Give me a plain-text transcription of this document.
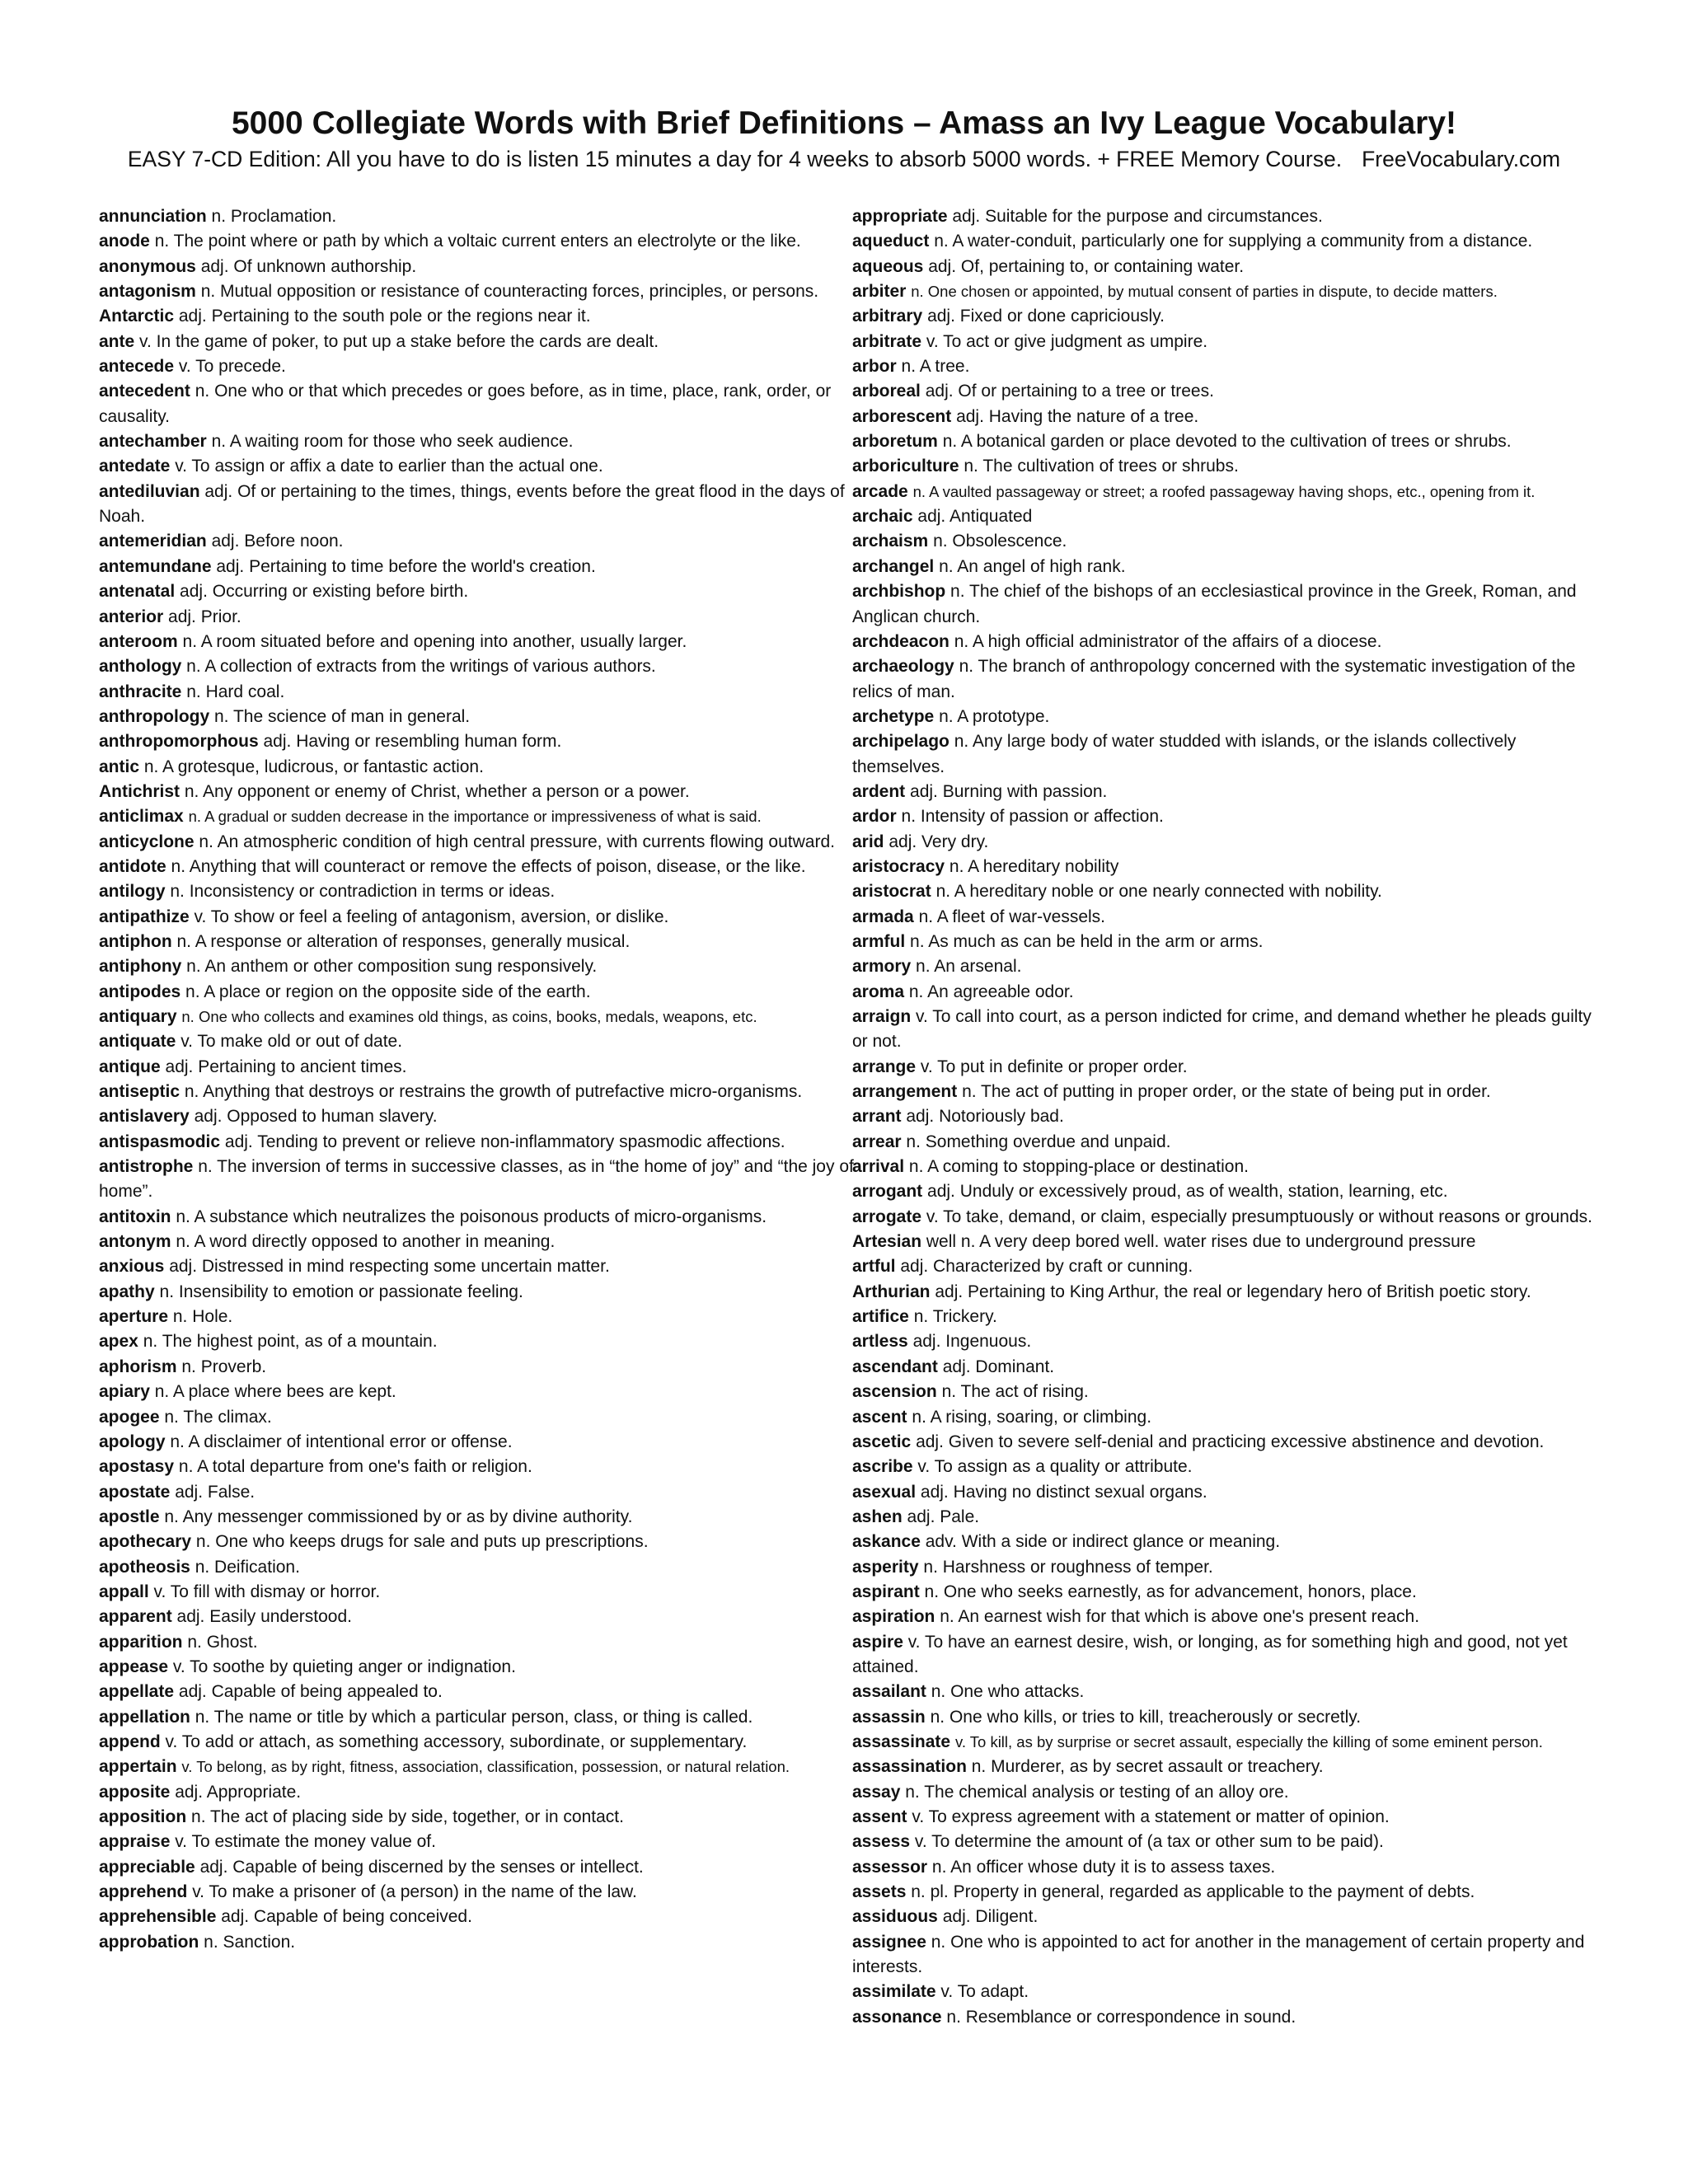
5000 Collegiate Words with Brief Definitions – Amass an Ivy League Vocabulary!
EASY 7-CD Edition: All you have to do is listen 15 minutes a day for 4 weeks to absorb 5000 words. + FREE Memory Course. FreeVocabulary.com
annunciation n. Proclamation.
anode n. The point where or path by which a voltaic current enters an electrolyte or the like.
anonymous adj. Of unknown authorship.
antagonism n. Mutual opposition or resistance of counteracting forces, principles, or persons.
Antarctic adj. Pertaining to the south pole or the regions near it.
ante v. In the game of poker, to put up a stake before the cards are dealt.
antecede v. To precede.
antecedent n. One who or that which precedes or goes before, as in time, place, rank, order, or causality.
antechamber n. A waiting room for those who seek audience.
antedate v. To assign or affix a date to earlier than the actual one.
antediluvian adj. Of or pertaining to the times, things, events before the great flood in the days of Noah.
antemeridian adj. Before noon.
antemundane adj. Pertaining to time before the world's creation.
antenatal adj. Occurring or existing before birth.
anterior adj. Prior.
anteroom n. A room situated before and opening into another, usually larger.
anthology n. A collection of extracts from the writings of various authors.
anthracite n. Hard coal.
anthropology n. The science of man in general.
anthropomorphous adj. Having or resembling human form.
antic n. A grotesque, ludicrous, or fantastic action.
Antichrist n. Any opponent or enemy of Christ, whether a person or a power.
anticlimax n. A gradual or sudden decrease in the importance or impressiveness of what is said.
anticyclone n. An atmospheric condition of high central pressure, with currents flowing outward.
antidote n. Anything that will counteract or remove the effects of poison, disease, or the like.
antilogy n. Inconsistency or contradiction in terms or ideas.
antipathize v. To show or feel a feeling of antagonism, aversion, or dislike.
antiphon n. A response or alteration of responses, generally musical.
antiphony n. An anthem or other composition sung responsively.
antipodes n. A place or region on the opposite side of the earth.
antiquary n. One who collects and examines old things, as coins, books, medals, weapons, etc.
antiquate v. To make old or out of date.
antique adj. Pertaining to ancient times.
antiseptic n. Anything that destroys or restrains the growth of putrefactive micro-organisms.
antislavery adj. Opposed to human slavery.
antispasmodic adj. Tending to prevent or relieve non-inflammatory spasmodic affections.
antistrophe n. The inversion of terms in successive classes, as in “the home of joy” and “the joy of home”.
antitoxin n. A substance which neutralizes the poisonous products of micro-organisms.
antonym n. A word directly opposed to another in meaning.
anxious adj. Distressed in mind respecting some uncertain matter.
apathy n. Insensibility to emotion or passionate feeling.
aperture n. Hole.
apex n. The highest point, as of a mountain.
aphorism n. Proverb.
apiary n. A place where bees are kept.
apogee n. The climax.
apology n. A disclaimer of intentional error or offense.
apostasy n. A total departure from one's faith or religion.
apostate adj. False.
apostle n. Any messenger commissioned by or as by divine authority.
apothecary n. One who keeps drugs for sale and puts up prescriptions.
apotheosis n. Deification.
appall v. To fill with dismay or horror.
apparent adj. Easily understood.
apparition n. Ghost.
appease v. To soothe by quieting anger or indignation.
appellate adj. Capable of being appealed to.
appellation n. The name or title by which a particular person, class, or thing is called.
append v. To add or attach, as something accessory, subordinate, or supplementary.
appertain v. To belong, as by right, fitness, association, classification, possession, or natural relation.
apposite adj. Appropriate.
apposition n. The act of placing side by side, together, or in contact.
appraise v. To estimate the money value of.
appreciable adj. Capable of being discerned by the senses or intellect.
apprehend v. To make a prisoner of (a person) in the name of the law.
apprehensible adj. Capable of being conceived.
approbation n. Sanction.
appropriate adj. Suitable for the purpose and circumstances.
aqueduct n. A water-conduit, particularly one for supplying a community from a distance.
aqueous adj. Of, pertaining to, or containing water.
arbiter n. One chosen or appointed, by mutual consent of parties in dispute, to decide matters.
arbitrary adj. Fixed or done capriciously.
arbitrate v. To act or give judgment as umpire.
arbor n. A tree.
arboreal adj. Of or pertaining to a tree or trees.
arborescent adj. Having the nature of a tree.
arboretum n. A botanical garden or place devoted to the cultivation of trees or shrubs.
arboriculture n. The cultivation of trees or shrubs.
arcade n. A vaulted passageway or street; a roofed passageway having shops, etc., opening from it.
archaic adj. Antiquated
archaism n. Obsolescence.
archangel n. An angel of high rank.
archbishop n. The chief of the bishops of an ecclesiastical province in the Greek, Roman, and Anglican church.
archdeacon n. A high official administrator of the affairs of a diocese.
archaeology n. The branch of anthropology concerned with the systematic investigation of the relics of man.
archetype n. A prototype.
archipelago n. Any large body of water studded with islands, or the islands collectively themselves.
ardent adj. Burning with passion.
ardor n. Intensity of passion or affection.
arid adj. Very dry.
aristocracy n. A hereditary nobility
aristocrat n. A hereditary noble or one nearly connected with nobility.
armada n. A fleet of war-vessels.
armful n. As much as can be held in the arm or arms.
armory n. An arsenal.
aroma n. An agreeable odor.
arraign v. To call into court, as a person indicted for crime, and demand whether he pleads guilty or not.
arrange v. To put in definite or proper order.
arrangement n. The act of putting in proper order, or the state of being put in order.
arrant adj. Notoriously bad.
arrear n. Something overdue and unpaid.
arrival n. A coming to stopping-place or destination.
arrogant adj. Unduly or excessively proud, as of wealth, station, learning, etc.
arrogate v. To take, demand, or claim, especially presumptuously or without reasons or grounds.
Artesian well n. A very deep bored well. water rises due to underground pressure
artful adj. Characterized by craft or cunning.
Arthurian adj. Pertaining to King Arthur, the real or legendary hero of British poetic story.
artifice n. Trickery.
artless adj. Ingenuous.
ascendant adj. Dominant.
ascension n. The act of rising.
ascent n. A rising, soaring, or climbing.
ascetic adj. Given to severe self-denial and practicing excessive abstinence and devotion.
ascribe v. To assign as a quality or attribute.
asexual adj. Having no distinct sexual organs.
ashen adj. Pale.
askance adv. With a side or indirect glance or meaning.
asperity n. Harshness or roughness of temper.
aspirant n. One who seeks earnestly, as for advancement, honors, place.
aspiration n. An earnest wish for that which is above one's present reach.
aspire v. To have an earnest desire, wish, or longing, as for something high and good, not yet attained.
assailant n. One who attacks.
assassin n. One who kills, or tries to kill, treacherously or secretly.
assassinate v. To kill, as by surprise or secret assault, especially the killing of some eminent person.
assassination n. Murderer, as by secret assault or treachery.
assay n. The chemical analysis or testing of an alloy ore.
assent v. To express agreement with a statement or matter of opinion.
assess v. To determine the amount of (a tax or other sum to be paid).
assessor n. An officer whose duty it is to assess taxes.
assets n. pl. Property in general, regarded as applicable to the payment of debts.
assiduous adj. Diligent.
assignee n. One who is appointed to act for another in the management of certain property and interests.
assimilate v. To adapt.
assonance n. Resemblance or correspondence in sound.
